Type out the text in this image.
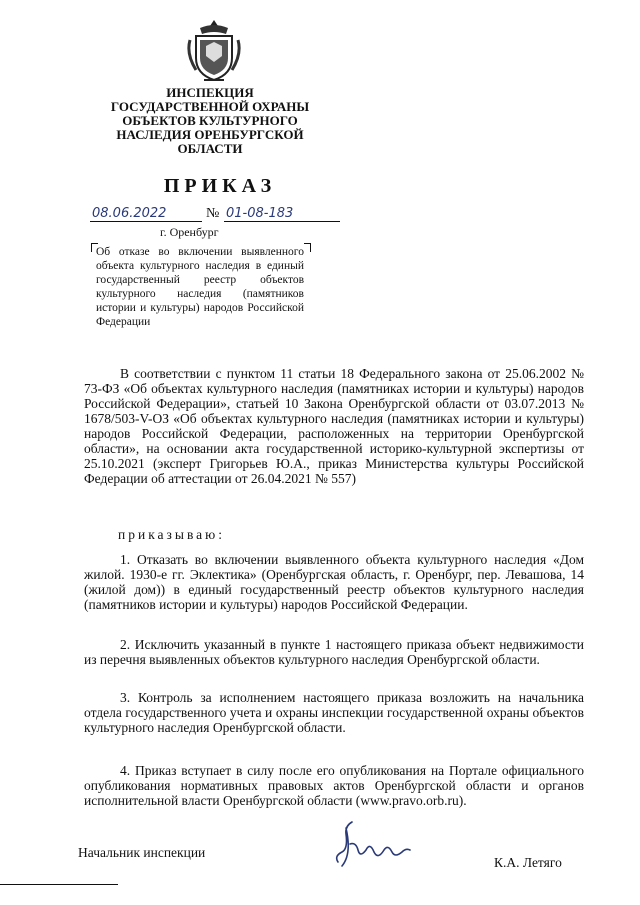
ИНСПЕКЦИЯ
ГОСУДАРСТВЕННОЙ ОХРАНЫ
ОБЪЕКТОВ КУЛЬТУРНОГО
НАСЛЕДИЯ ОРЕНБУРГСКОЙ
ОБЛАСТИ
ПРИКАЗ
08.06.2022	№ 01-08-183
г. Оренбург
Об отказе во включении выявленного объекта культурного наследия в единый государственный реестр объектов культурного наследия (памятников истории и культуры) народов Российской Федерации

В соответствии с пунктом 11 статьи 18 Федерального закона от 25.06.2002 № 73-ФЗ «Об объектах культурного наследия (памятниках истории и культуры) народов Российской Федерации», статьей 10 Закона Оренбургской области от 03.07.2013 № 1678/503-V-ОЗ «Об объектах культурного наследия (памятниках истории и культуры) народов Российской Федерации, расположенных на территории Оренбургской области», на основании акта государственной историко-культурной экспертизы от 25.10.2021 (эксперт Григорьев Ю.А., приказ Министерства культуры Российской Федерации об аттестации от 26.04.2021 № 557)

приказываю:

1. Отказать во включении выявленного объекта культурного наследия «Дом жилой. 1930-е гг. Эклектика» (Оренбургская область, г. Оренбург, пер. Левашова, 14 (жилой дом)) в единый государственный реестр объектов культурного наследия (памятников истории и культуры) народов Российской Федерации.

2. Исключить указанный в пункте 1 настоящего приказа объект недвижимости из перечня выявленных объектов культурного наследия Оренбургской области.

3. Контроль за исполнением настоящего приказа возложить на начальника отдела государственного учета и охраны инспекции государственной охраны объектов культурного наследия Оренбургской области.

4. Приказ вступает в силу после его опубликования на Портале официального опубликования нормативных правовых актов Оренбургской области и органов исполнительной власти Оренбургской области (www.pravo.orb.ru).

Начальник инспекции
К.А. Летяго
